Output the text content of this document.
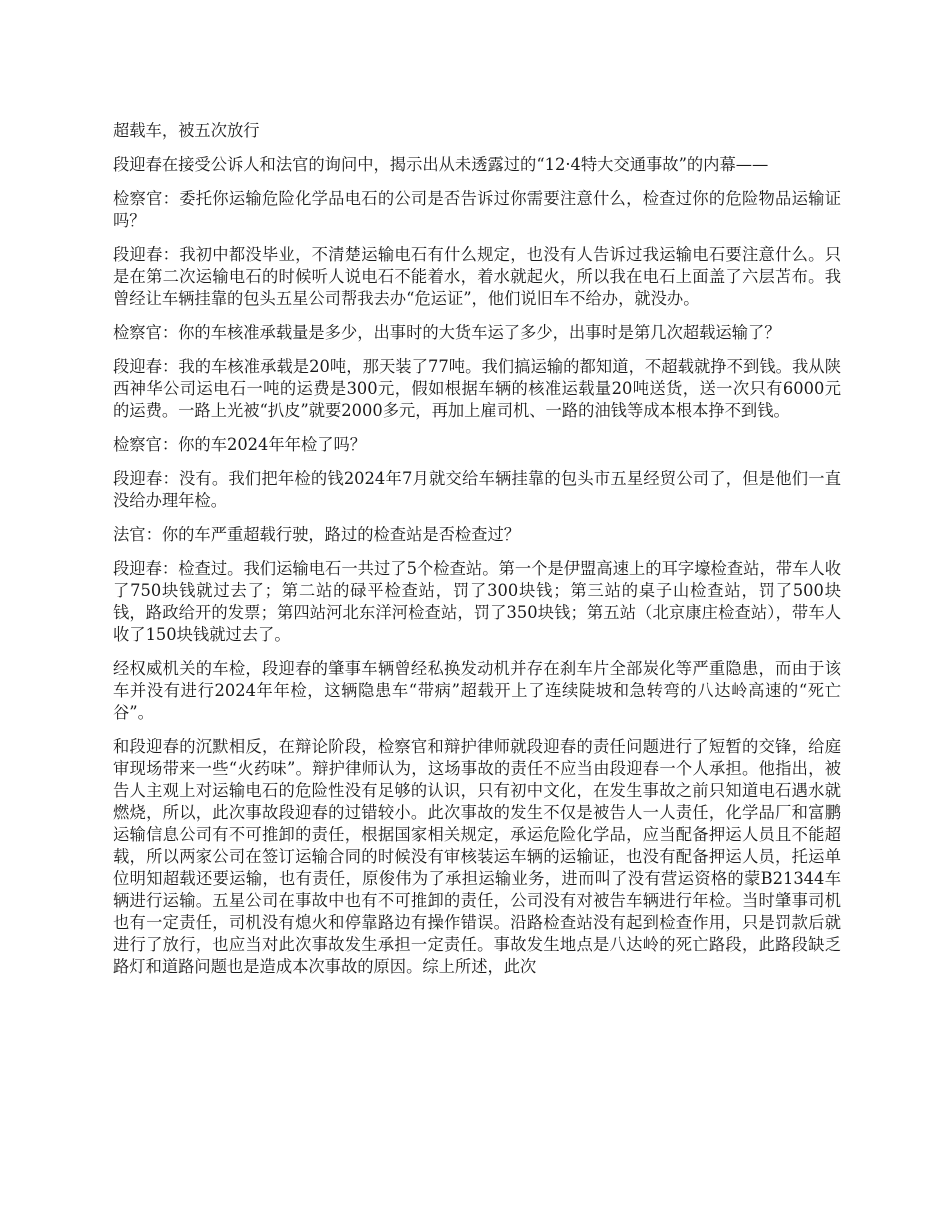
超载车，被五次放行

段迎春在接受公诉人和法官的询问中，揭示出从未透露过的“12·4特大交通事故”的内幕——

检察官：委托你运输危险化学品电石的公司是否告诉过你需要注意什么，检查过你的危险物品运输证吗？

段迎春：我初中都没毕业，不清楚运输电石有什么规定，也没有人告诉过我运输电石要注意什么。只是在第二次运输电石的时候听人说电石不能着水，着水就起火，所以我在电石上面盖了六层苫布。我曾经让车辆挂靠的包头五星公司帮我去办“危运证”，他们说旧车不给办，就没办。

检察官：你的车核准承载量是多少，出事时的大货车运了多少，出事时是第几次超载运输了？

段迎春：我的车核准承载是20吨，那天装了77吨。我们搞运输的都知道，不超载就挣不到钱。我从陕西神华公司运电石一吨的运费是300元，假如根据车辆的核准运载量20吨送货，送一次只有6000元的运费。一路上光被“扒皮”就要2000多元，再加上雇司机、一路的油钱等成本根本挣不到钱。

检察官：你的车2024年年检了吗？

段迎春：没有。我们把年检的钱2024年7月就交给车辆挂靠的包头市五星经贸公司了，但是他们一直没给办理年检。

法官：你的车严重超载行驶，路过的检查站是否检查过？

段迎春：检查过。我们运输电石一共过了5个检查站。第一个是伊盟高速上的耳字壕检查站，带车人收了750块钱就过去了；第二站的碌平检查站，罚了300块钱；第三站的桌子山检查站，罚了500块钱，路政给开的发票；第四站河北东洋河检查站，罚了350块钱；第五站（北京康庄检查站），带车人收了150块钱就过去了。

经权威机关的车检，段迎春的肇事车辆曾经私换发动机并存在刹车片全部炭化等严重隐患，而由于该车并没有进行2024年年检，这辆隐患车“带病”超载开上了连续陡坡和急转弯的八达岭高速的“死亡谷”。

和段迎春的沉默相反，在辩论阶段，检察官和辩护律师就段迎春的责任问题进行了短暂的交锋，给庭审现场带来一些“火药味”。辩护律师认为，这场事故的责任不应当由段迎春一个人承担。他指出，被告人主观上对运输电石的危险性没有足够的认识，只有初中文化，在发生事故之前只知道电石遇水就燃烧，所以，此次事故段迎春的过错较小。此次事故的发生不仅是被告人一人责任，化学品厂和富鹏运输信息公司有不可推卸的责任，根据国家相关规定，承运危险化学品，应当配备押运人员且不能超载，所以两家公司在签订运输合同的时候没有审核装运车辆的运输证，也没有配备押运人员，托运单位明知超载还要运输，也有责任，原俊伟为了承担运输业务，进而叫了没有营运资格的蒙B21344车辆进行运输。五星公司在事故中也有不可推卸的责任，公司没有对被告车辆进行年检。当时肇事司机也有一定责任，司机没有熄火和停靠路边有操作错误。沿路检查站没有起到检查作用，只是罚款后就进行了放行，也应当对此次事故发生承担一定责任。事故发生地点是八达岭的死亡路段，此路段缺乏路灯和道路问题也是造成本次事故的原因。综上所述，此次
